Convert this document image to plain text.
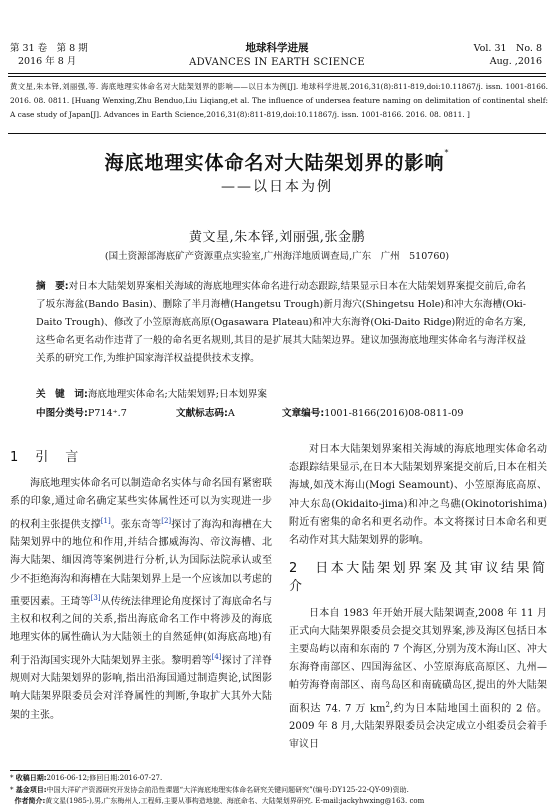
第 31 卷　第 8 期
2016 年 8 月
地球科学进展
ADVANCES IN EARTH SCIENCE
Vol. 31　No. 8
Aug. ,2016
黄文星,朱本铎,刘丽强,等. 海底地理实体命名对大陆架划界的影响——以日本为例[J]. 地球科学进展,2016,31(8):811-819,doi:10.11867/j. issn. 1001-8166. 2016. 08. 0811. [Huang Wenxing,Zhu Benduo,Liu Liqiang,et al. The influence of undersea feature naming on delimitation of continental shelf: A case study of Japan[J]. Advances in Earth Science,2016,31(8):811-819,doi:10.11867/j. issn. 1001-8166. 2016. 08. 0811. ]
海底地理实体命名对大陆架划界的影响*
——以日本为例
黄文星,朱本铎,刘丽强,张金鹏
(国土资源部海底矿产资源重点实验室,广州海洋地质调查局,广东　广州　510760)
摘　要:对日本大陆架划界案相关海域的海底地理实体命名进行动态跟踪,结果显示日本在大陆架划界案提交前后,命名了坂东海盆(Bando Basin)、删除了半月海槽(Hangetsu Trough)新月海穴(Shingetsu Hole)和冲大东海槽(Oki-Daito Trough)、修改了小笠原海底高原(Ogasawara Plateau)和冲大东海脊(Oki-Daito Ridge)附近的命名方案,这些命名更名动作违背了一般的命名更名规则,其目的是扩展其大陆架边界。建议加强海底地理实体命名与海洋权益关系的研究工作,为维护国家海洋权益提供技术支撑。
关　键　词:海底地理实体命名;大陆架划界;日本划界案
中图分类号:P714⁺.7	文献标志码:A	文章编号:1001-8166(2016)08-0811-09
1　引　言

海底地理实体命名可以制造命名实体与命名国有紧密联系的印象,通过命名确定某些实体属性还可以为实现进一步的权利主张提供支撑[1]。张东奇等[2]探讨了海沟和海槽在大陆架划界中的地位和作用,并结合挪威海沟、帝汶海槽、北海大陆架、缅因湾等案例进行分析,认为国际法院承认或至少不拒绝海沟和海槽在大陆架划界上是一个应该加以考虑的重要因素。王琦等[3]从传统法律理论角度探讨了海底命名与主权和权利之间的关系,指出海底命名工作中将涉及的海底地理实体的属性确认为大陆领土的自然延伸(如海底高地)有利于沿海国实现外大陆架划界主张。黎明碧等[4]探讨了洋脊规则对大陆架划界的影响,指出沿海国通过制造舆论,试图影响大陆架界限委员会对洋脊属性的判断,争取扩大其外大陆架的主张。

对日本大陆架划界案相关海域的海底地理实体命名动态跟踪结果显示,在日本大陆架划界案提交前后,日本在相关海域,如茂木海山(Mogi Seamount)、小笠原海底高原、冲大东岛(Okidaito-jima)和冲之鸟礁(Okinotorishima)附近有密集的命名和更名动作。本文将探讨日本命名和更名动作对其大陆架划界的影响。

2　日本大陆架划界案及其审议结果简介

日本自 1983 年开始开展大陆架调查,2008 年 11 月正式向大陆架界限委员会提交其划界案,涉及海区包括日本主要岛屿以南和东南的 7 个海区,分别为茂木海山区、冲大东海脊南部区、四国海盆区、小笠原海底高原区、九州—帕劳海脊南部区、南鸟岛区和南硫磺岛区,提出的外大陆架面积达 74. 7 万 $km^2$,约为日本陆地国土面积的 2 倍。2009 年 8 月,大陆架界限委员会决定成立小组委员会着手审议日

* 收稿日期:2016-06-12;修回日期:2016-07-27.
* 基金项目:中国大洋矿产资源研究开发协会前沿性课题“大洋海底地理实体命名研究关键问题研究”(编号:DY125-22-QY-09)资助.
作者简介:黄文星(1985-),男,广东梅州人,工程师,主要从事构造地貌、海底命名、大陆架划界研究. E-mail:jackyhwxing@163. com
